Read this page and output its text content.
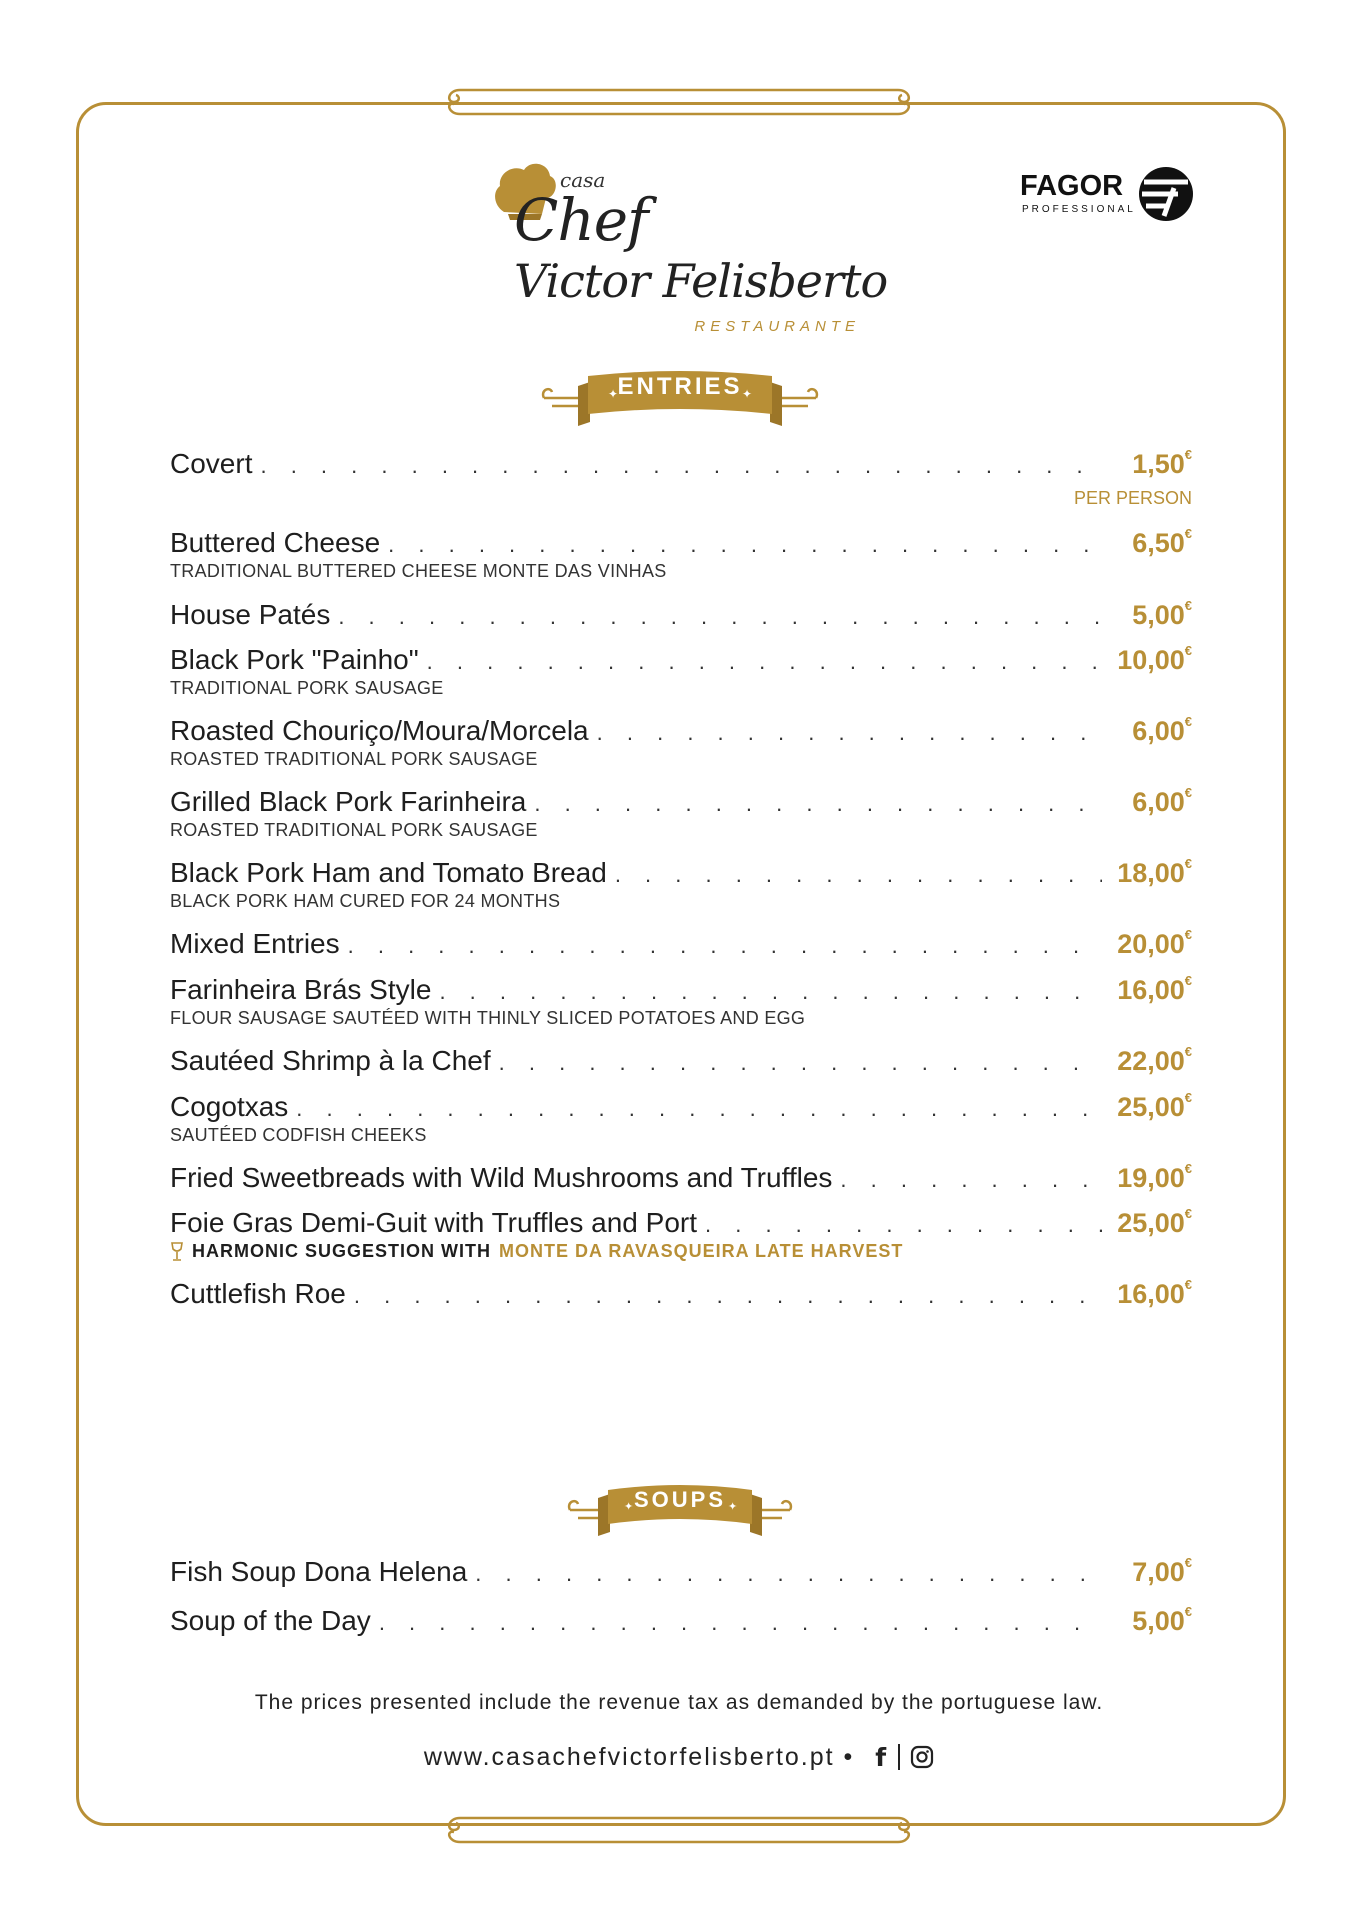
casa
Chef
Victor Felisberto
RESTAURANTE
FAGOR
PROFESSIONAL
✦	✦
ENTRIES
✦	✦
SOUPS
Covert . . .	1,50€
PER PERSON
Buttered Cheese . . .	6,50€
TRADITIONAL BUTTERED CHEESE MONTE DAS VINHAS
House Patés . . .	5,00€
Black Pork "Painho" . . .	10,00€
TRADITIONAL PORK SAUSAGE
Roasted Chouriço/Moura/Morcela . . .	6,00€
ROASTED TRADITIONAL PORK SAUSAGE
Grilled Black Pork Farinheira . . .	6,00€
ROASTED TRADITIONAL PORK SAUSAGE
Black Pork Ham and Tomato Bread . . .	18,00€
BLACK PORK HAM CURED FOR 24 MONTHS
Mixed Entries . . .	20,00€
Farinheira Brás Style . . .	16,00€
FLOUR SAUSAGE SAUTÉED WITH THINLY SLICED POTATOES AND EGG
Sautéed Shrimp à la Chef . . .	22,00€
Cogotxas . . .	25,00€
SAUTÉED CODFISH CHEEKS
Fried Sweetbreads with Wild Mushrooms and Truffles . . .	19,00€
Foie Gras Demi-Guit with Truffles and Port . . .	25,00€
HARMONIC SUGGESTION WITH MONTE DA RAVASQUEIRA LATE HARVEST
Cuttlefish Roe . . .	16,00€
Fish Soup Dona Helena . . .	7,00€
Soup of the Day . . .	5,00€
The prices presented include the revenue tax as demanded by the portuguese law.
www.casachefvictorfelisberto.pt • f
